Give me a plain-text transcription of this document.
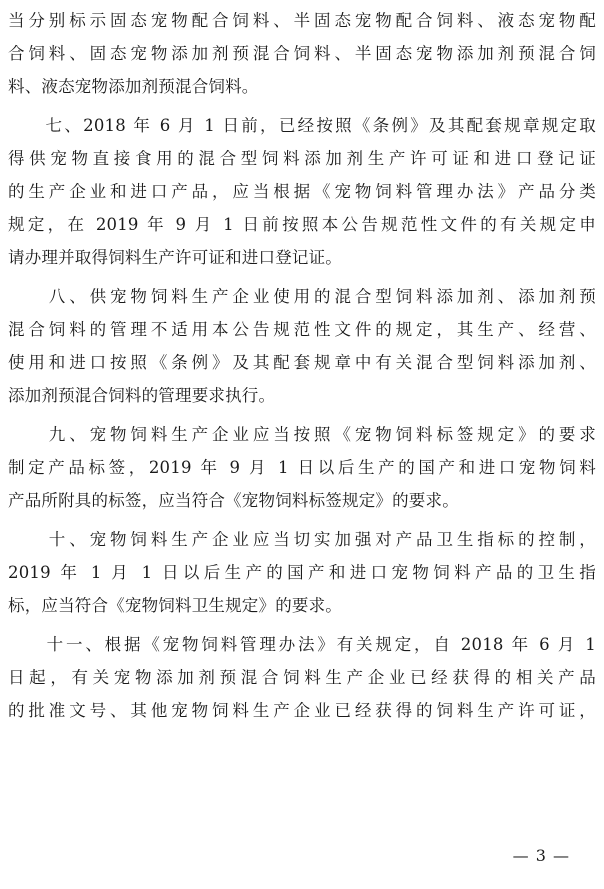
当分别标示固态宠物配合饲料、半固态宠物配合饲料、液态宠物配
合饲料、固态宠物添加剂预混合饲料、半固态宠物添加剂预混合饲
料、液态宠物添加剂预混合饲料。
　　七、2018 年 6 月 1 日前，已经按照《条例》及其配套规章规定取
得供宠物直接食用的混合型饲料添加剂生产许可证和进口登记证
的生产企业和进口产品，应当根据《宠物饲料管理办法》产品分类
规定，在 2019 年 9 月 1 日前按照本公告规范性文件的有关规定申
请办理并取得饲料生产许可证和进口登记证。
　　八、供宠物饲料生产企业使用的混合型饲料添加剂、添加剂预
混合饲料的管理不适用本公告规范性文件的规定，其生产、经营、
使用和进口按照《条例》及其配套规章中有关混合型饲料添加剂、
添加剂预混合饲料的管理要求执行。
　　九、宠物饲料生产企业应当按照《宠物饲料标签规定》的要求
制定产品标签，2019 年 9 月 1 日以后生产的国产和进口宠物饲料
产品所附具的标签，应当符合《宠物饲料标签规定》的要求。
　　十、宠物饲料生产企业应当切实加强对产品卫生指标的控制，
2019 年 1 月 1 日以后生产的国产和进口宠物饲料产品的卫生指
标，应当符合《宠物饲料卫生规定》的要求。
　　十一、根据《宠物饲料管理办法》有关规定，自 2018 年 6 月 1
日起，有关宠物添加剂预混合饲料生产企业已经获得的相关产品
的批准文号、其他宠物饲料生产企业已经获得的饲料生产许可证，
— 3 —
